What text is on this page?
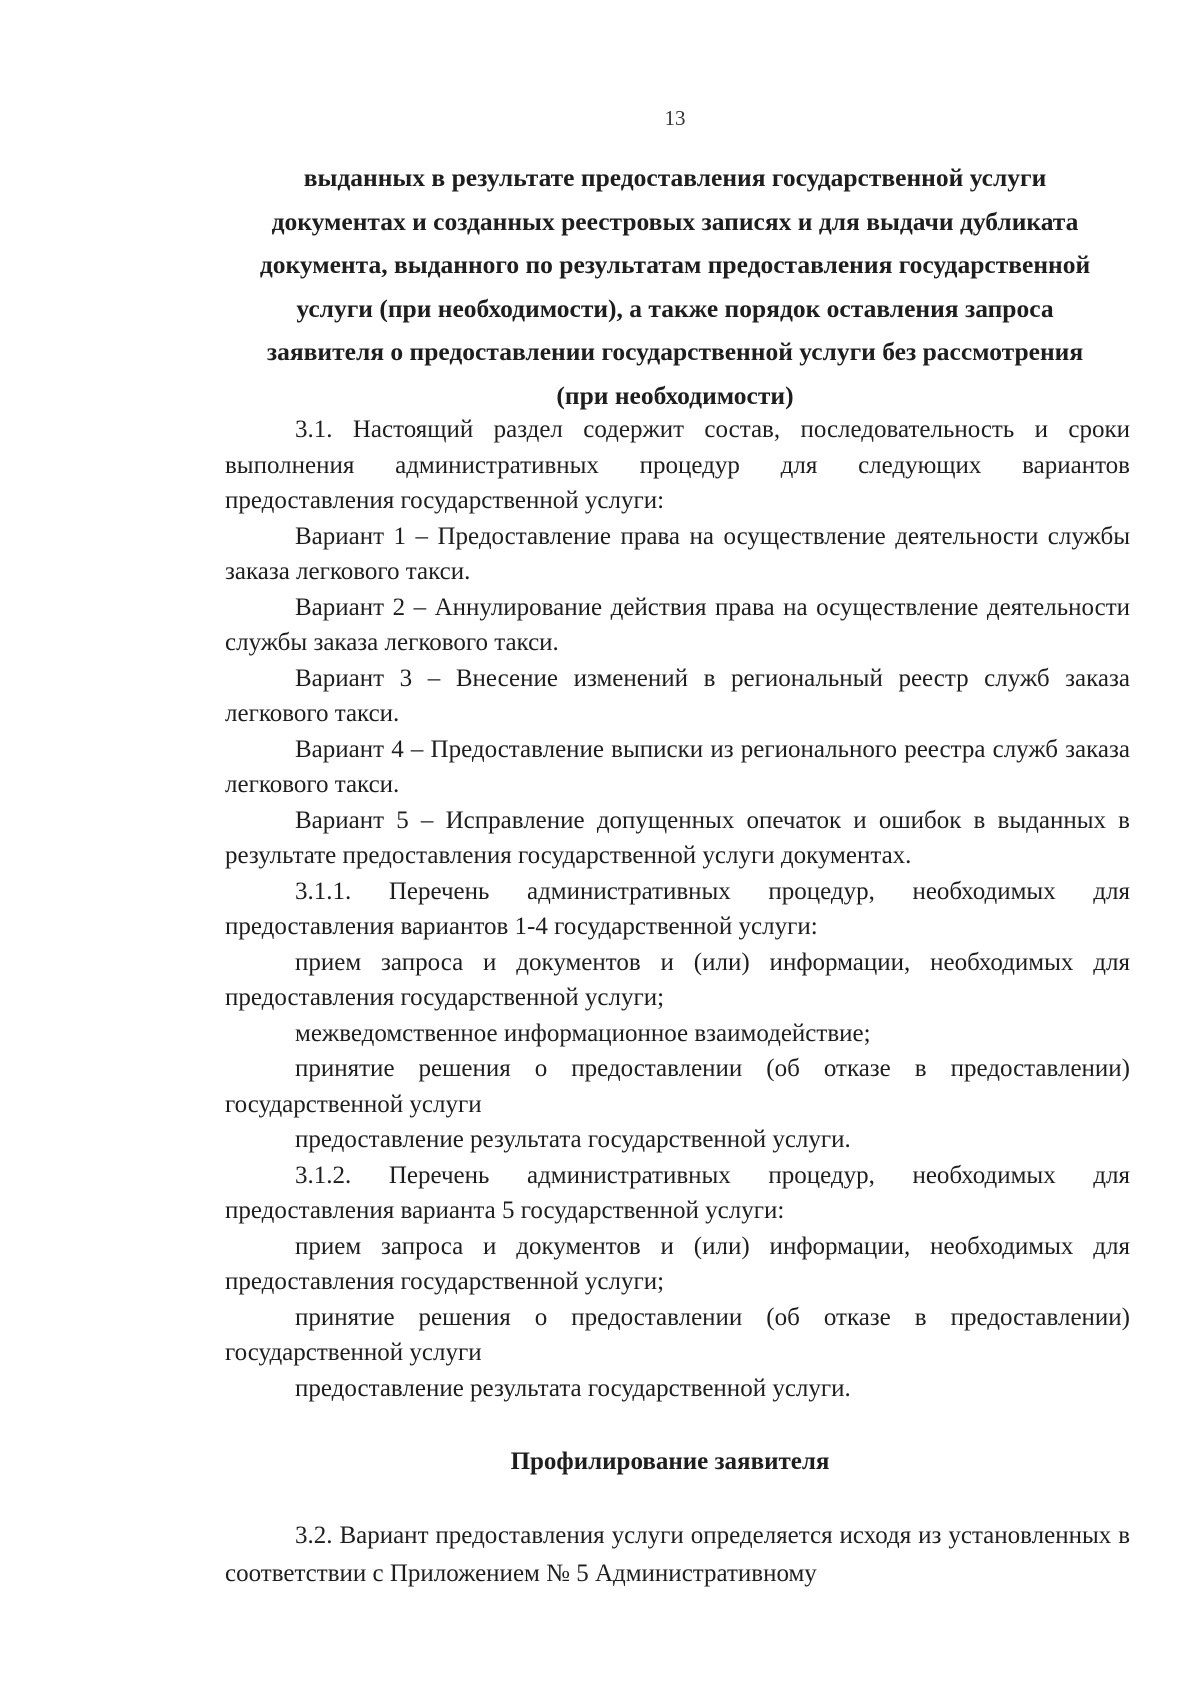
13
выданных в результате предоставления государственной услуги
документах и созданных реестровых записях и для выдачи дубликата
документа, выданного по результатам предоставления государственной
услуги (при необходимости), а также порядок оставления запроса
заявителя о предоставлении государственной услуги без рассмотрения
(при необходимости)

3.1. Настоящий раздел содержит состав, последовательность и сроки выполнения административных процедур для следующих вариантов предоставления государственной услуги:

Вариант 1 – Предоставление права на осуществление деятельности службы заказа легкового такси.

Вариант 2 – Аннулирование действия права на осуществление деятельности службы заказа легкового такси.

Вариант 3 – Внесение изменений в региональный реестр служб заказа легкового такси.

Вариант 4 – Предоставление выписки из регионального реестра служб заказа легкового такси.

Вариант 5 – Исправление допущенных опечаток и ошибок в выданных в результате предоставления государственной услуги документах.

3.1.1. Перечень административных процедур, необходимых для предоставления вариантов 1-4 государственной услуги:

прием запроса и документов и (или) информации, необходимых для предоставления государственной услуги;

межведомственное информационное взаимодействие;

принятие решения о предоставлении (об отказе в предоставлении) государственной услуги

предоставление результата государственной услуги.

3.1.2. Перечень административных процедур, необходимых для предоставления варианта 5 государственной услуги:

прием запроса и документов и (или) информации, необходимых для предоставления государственной услуги;

принятие решения о предоставлении (об отказе в предоставлении) государственной услуги

предоставление результата государственной услуги.

Профилирование заявителя

3.2. Вариант предоставления услуги определяется исходя из установленных в соответствии с Приложением № 5 Административному
